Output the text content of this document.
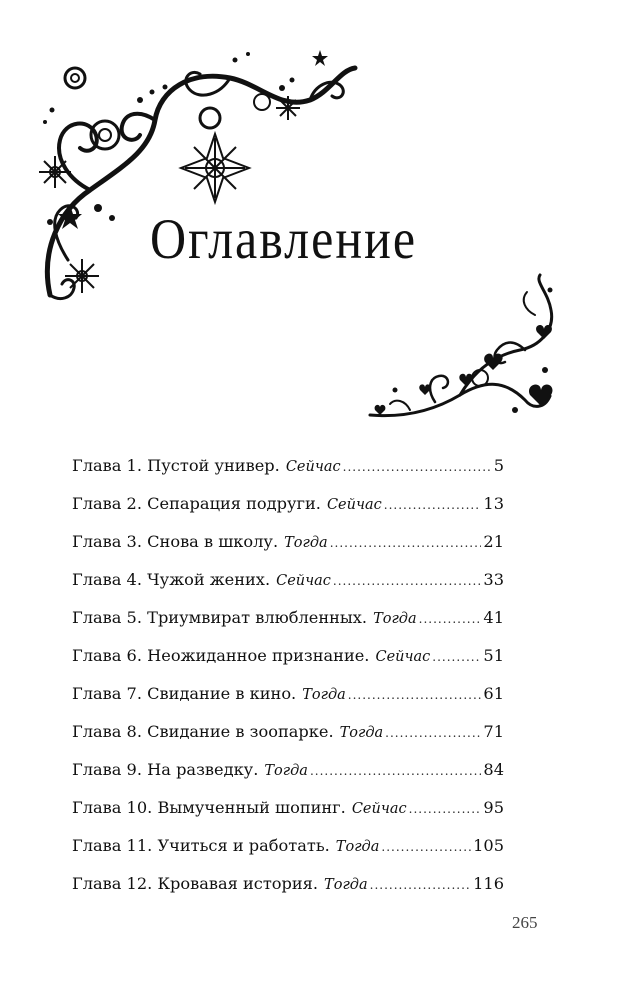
Оглавление
Глава 1. Пустой универ. Сейчас .....	5
Глава 2. Сепарация подруги. Сейчас .....	13
Глава 3. Снова в школу. Тогда .....	21
Глава 4. Чужой жених. Сейчас .....	33
Глава 5. Триумвират влюбленных. Тогда .....	41
Глава 6. Неожиданное признание. Сейчас .....	51
Глава 7. Свидание в кино. Тогда .....	61
Глава 8. Свидание в зоопарке. Тогда .....	71
Глава 9. На разведку. Тогда .....	84
Глава 10. Вымученный шопинг. Сейчас .....	95
Глава 11. Учиться и работать. Тогда .....	105
Глава 12. Кровавая история. Тогда .....	116
265
